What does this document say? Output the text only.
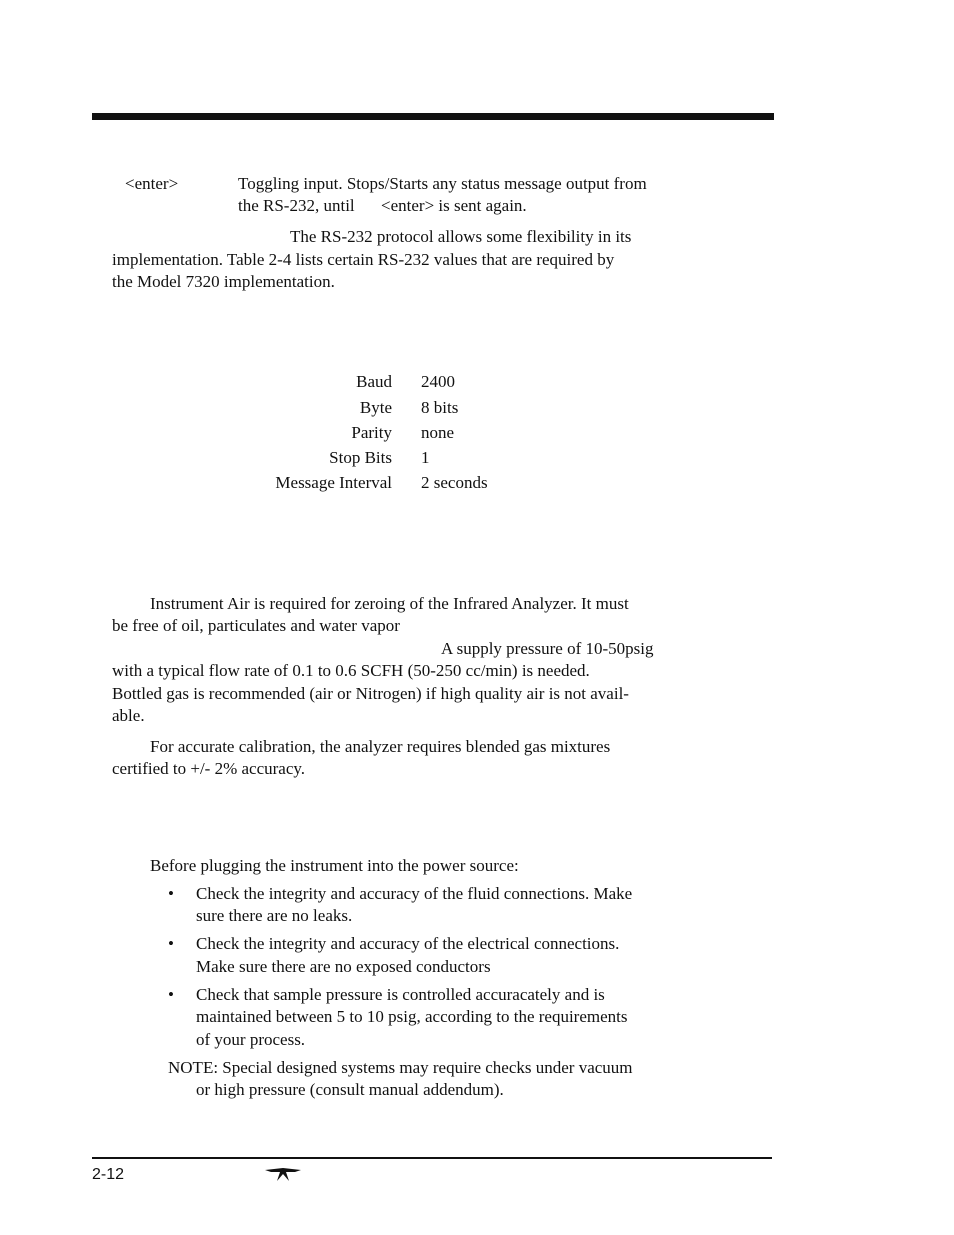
<enter>	Toggling input. Stops/Starts any status message output from
the RS-232, until <enter> is sent again.
The RS-232 protocol allows some flexibility in its
implementation. Table 2-4 lists certain RS-232 values that are required by
the Model 7320 implementation.
Baud 2400
Byte 8 bits
Parity none
Stop Bits 1
Message Interval 2 seconds
Instrument Air is required for zeroing of the Infrared Analyzer. It must
be free of oil, particulates and water vapor
A supply pressure of 10-50psig
with a typical flow rate of 0.1 to 0.6 SCFH (50-250 cc/min) is needed.
Bottled gas is recommended (air or Nitrogen) if high quality air is not avail-
able.
For accurate calibration, the analyzer requires blended gas mixtures
certified to +/- 2% accuracy.
Before plugging the instrument into the power source:
• Check the integrity and accuracy of the fluid connections. Make
sure there are no leaks.
• Check the integrity and accuracy of the electrical connections.
Make sure there are no exposed conductors
• Check that sample pressure is controlled accuracately and is
maintained between 5 to 10 psig, according to the requirements
of your process.
NOTE: Special designed systems may require checks under vacuum
or high pressure (consult manual addendum).
2-12
